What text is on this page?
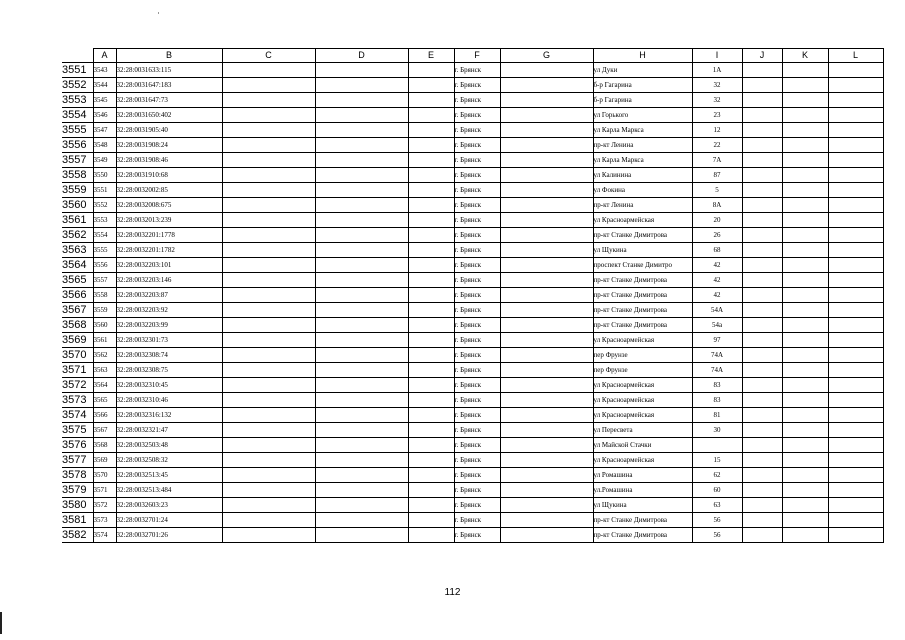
	A	B	C	D	E	F	G	H	I	J	K	L
3551	3543	32:28:0031633:115				г. Брянск		ул Дуки	1А			
3552	3544	32:28:0031647:183				г. Брянск		б-р Гагарина	32			
3553	3545	32:28:0031647:73				г. Брянск		б-р Гагарина	32			
3554	3546	32:28:0031650:402				г. Брянск		ул Горького	23			
3555	3547	32:28:0031905:40				г. Брянск		ул Карла Маркса	12			
3556	3548	32:28:0031908:24				г. Брянск		пр-кт Ленина	22			
3557	3549	32:28:0031908:46				г. Брянск		ул Карла Маркса	7А			
3558	3550	32:28:0031910:68				г. Брянск		ул Калинина	87			
3559	3551	32:28:0032002:85				г. Брянск		ул Фокина	5			
3560	3552	32:28:0032008:675				г. Брянск		пр-кт Ленина	8А			
3561	3553	32:28:0032013:239				г. Брянск		ул Красноармейская	20			
3562	3554	32:28:0032201:1778				г. Брянск		пр-кт Станке Димитрова	26			
3563	3555	32:28:0032201:1782				г. Брянск		ул Щукина	68			
3564	3556	32:28:0032203:101				г. Брянск		проспект Станке Димитро	42			
3565	3557	32:28:0032203:146				г. Брянск		пр-кт Станке Димитрова	42			
3566	3558	32:28:0032203:87				г. Брянск		пр-кт Станке Димитрова	42			
3567	3559	32:28:0032203:92				г. Брянск		пр-кт Станке Димитрова	54А			
3568	3560	32:28:0032203:99				г. Брянск		пр-кт Станке Димитрова	54а			
3569	3561	32:28:0032301:73				г. Брянск		ул Красноармейская	97			
3570	3562	32:28:0032308:74				г. Брянск		пер Фрунзе	74А			
3571	3563	32:28:0032308:75				г. Брянск		пер Фрунзе	74А			
3572	3564	32:28:0032310:45				г. Брянск		ул Красноармейская	83			
3573	3565	32:28:0032310:46				г. Брянск		ул Красноармейская	83			
3574	3566	32:28:0032316:132				г. Брянск		ул Красноармейская	81			
3575	3567	32:28:0032321:47				г. Брянск		ул Пересвета	30			
3576	3568	32:28:0032503:48				г. Брянск		ул Майской Стачки				
3577	3569	32:28:0032508:32				г. Брянск		ул Красноармейская	15			
3578	3570	32:28:0032513:45				г. Брянск		ул Ромашина	62			
3579	3571	32:28:0032513:484				г. Брянск		ул.Ромашина	60			
3580	3572	32:28:0032603:23				г. Брянск		ул Щукина	63			
3581	3573	32:28:0032701:24				г. Брянск		пр-кт Станке Димитрова	56			
3582	3574	32:28:0032701:26				г. Брянск		пр-кт Станке Димитрова	56			
112
